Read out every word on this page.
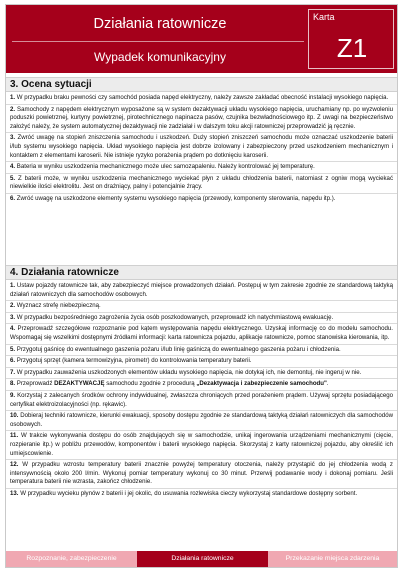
Działania ratownicze
Wypadek komunikacyjny
Karta
Z1
3. Ocena sytuacji
1. W przypadku braku pewności czy samochód posiada napęd elektryczny, należy zawsze zakładać obecność instalacji wysokiego napięcia.
2. Samochody z napędem elektrycznym wyposażone są w system dezaktywacji układu wysokiego napięcia, uruchamiany np. po wyzwoleniu poduszki powietrznej, kurtyny powietrznej, pirotechnicznego napinacza pasów, czujnika bezwładnościowego itp. Z uwagi na bezpieczeństwo założyć należy, że system automatycznej dezaktywacji nie zadziałał i w dalszym toku akcji ratowniczej przeprowadzić ją ręcznie.
3. Zwróć uwagę na stopień zniszczenia samochodu i uszkodzeń. Duży stopień zniszczeń samochodu może oznaczać uszkodzenie baterii i/lub systemu wysokiego napięcia. Układ wysokiego napięcia jest dobrze izolowany i zabezpieczony przed uszkodzeniem mechanicznym i kontaktem z elementami karoserii. Nie istnieje ryzyko porażenia prądem po dotknięciu karoserii.
4. Bateria w wyniku uszkodzenia mechanicznego może ulec samozapaleniu. Należy kontrolować jej temperaturę.
5. Z baterii może, w wyniku uszkodzenia mechanicznego wyciekać płyn z układu chłodzenia baterii, natomiast z ogniw mogą wyciekać niewielkie ilości elektrolitu. Jest on drażniący, palny i potencjalnie żrący.
6. Zwróć uwagę na uszkodzone elementy systemu wysokiego napięcia (przewody, komponenty sterowania, napędu itp.).
4. Działania ratownicze
1. Ustaw pojazdy ratownicze tak, aby zabezpieczyć miejsce prowadzonych działań. Postępuj w tym zakresie zgodnie ze standardową taktyką działań ratowniczych dla samochodów osobowych.
2. Wyznacz strefę niebezpieczną.
3. W przypadku bezpośredniego zagrożenia życia osób poszkodowanych, przeprowadź ich natychmiastową ewakuację.
4. Przeprowadź szczegółowe rozpoznanie pod kątem występowania napędu elektrycznego. Uzyskaj informację co do modelu samochodu. Wspomagaj się wszelkimi dostępnymi źródłami informacji: karta ratownicza pojazdu, aplikacje ratownicze, pomoc stanowiska kierowania, itp.
5. Przygotuj gaśnicę do ewentualnego gaszenia pożaru i/lub linię gaśniczą do ewentualnego gaszenia pożaru i chłodzenia.
6. Przygotuj sprzęt (kamera termowizyjna, pirometr) do kontrolowania temperatury baterii.
7. W przypadku zauważenia uszkodzonych elementów układu wysokiego napięcia, nie dotykaj ich, nie demontuj, nie ingeruj w nie.
8. Przeprowadź DEZAKTYWACJĘ samochodu zgodnie z procedurą „Dezaktywacja i zabezpieczenie samochodu".
9. Korzystaj z zalecanych środków ochrony indywidualnej, zwłaszcza chroniących przed porażeniem prądem. Używaj sprzętu posiadającego certyfikat elektroizolacyjności (np. rękawic).
10. Dobieraj techniki ratownicze, kierunki ewakuacji, sposoby dostępu zgodnie ze standardową taktyką działań ratowniczych dla samochodów osobowych.
11. W trakcie wykonywania dostępu do osób znajdujących się w samochodzie, unikaj ingerowania urządzeniami mechanicznymi (cięcie, rozpieranie itp.) w pobliżu przewodów, komponentów i baterii wysokiego napięcia. Skorzystaj z karty ratowniczej pojazdu, aby określić ich umiejscowienie.
12. W przypadku wzrostu temperatury baterii znacznie powyżej temperatury otoczenia, należy przystąpić do jej chłodzenia wodą z intensywnością około 200 l/min. Wykonuj pomiar temperatury wykonuj co 30 minut. Przerwij podawanie wody i dokonaj pomiaru. Jeśli temperatura baterii nie wzrasta, zakończ chłodzenie.
13. W przypadku wycieku płynów z baterii i jej okolic, do usuwania rozlewiska cieczy wykorzystaj standardowe dostępny sorbent.
Rozpoznanie, zabezpieczenie	Działania ratownicze	Przekazanie miejsca zdarzenia
